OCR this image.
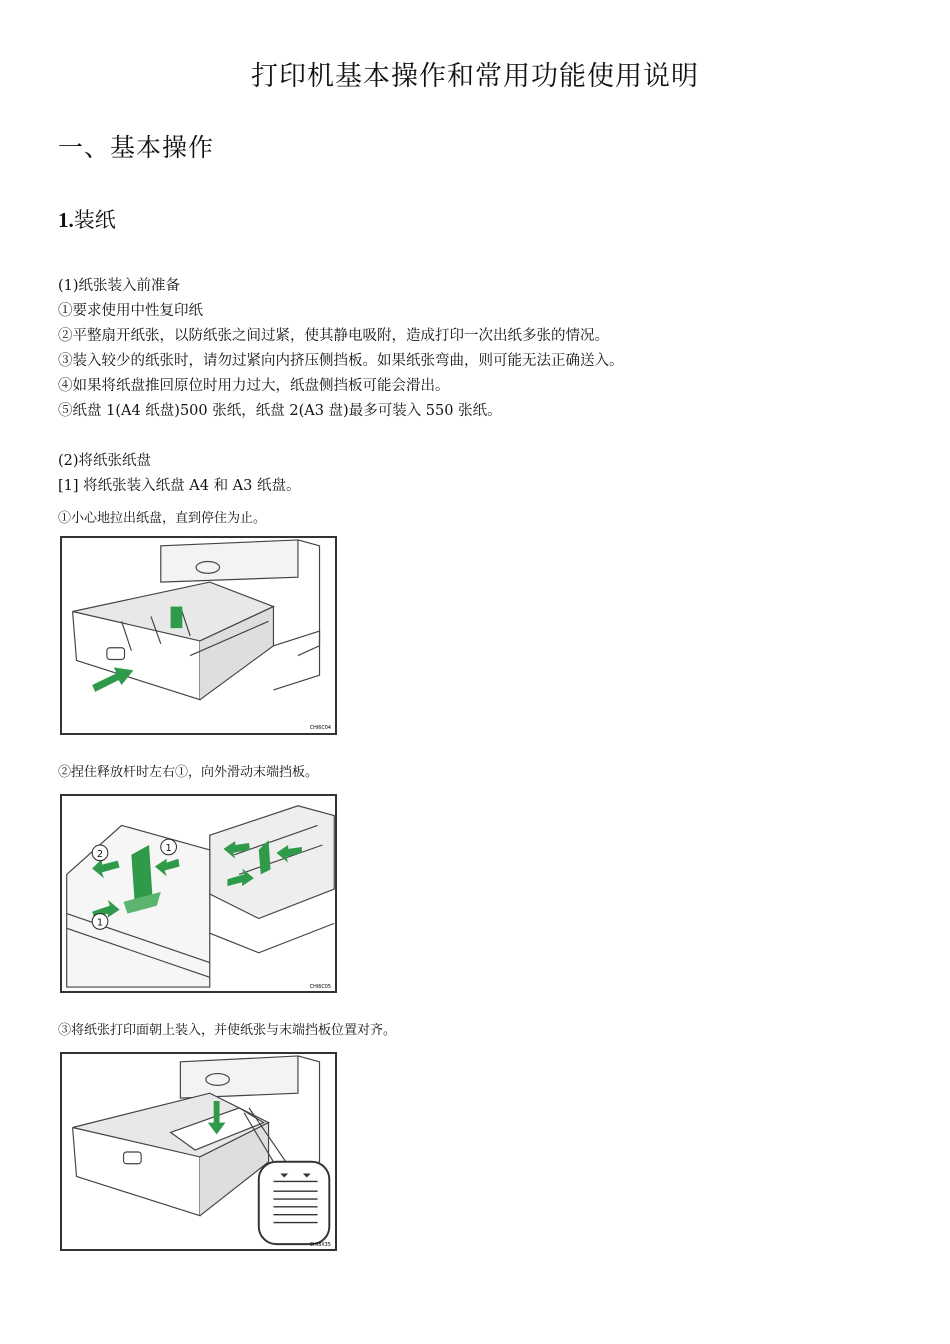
打印机基本操作和常用功能使用说明
一、基本操作
1.装纸
(1)纸张装入前准备
①要求使用中性复印纸
②平整扇开纸张，以防纸张之间过紧，使其静电吸附，造成打印一次出纸多张的情况。
③装入较少的纸张时，请勿过紧向内挤压侧挡板。如果纸张弯曲，则可能无法正确送入。
④如果将纸盘推回原位时用力过大，纸盘侧挡板可能会滑出。
⑤纸盘 1(A4 纸盘)500 张纸，纸盘 2(A3 盘)最多可装入 550 张纸。
(2)将纸张纸盘
[1] 将纸张装入纸盘 A4 和 A3 纸盘。
①小心地拉出纸盘，直到停住为止。
CHI6C04
②捏住释放杆时左右①，向外滑动末端挡板。
2
1
1
CHI6C05
③将纸张打印面朝上装入，并使纸张与末端挡板位置对齐。
CHI8X35
